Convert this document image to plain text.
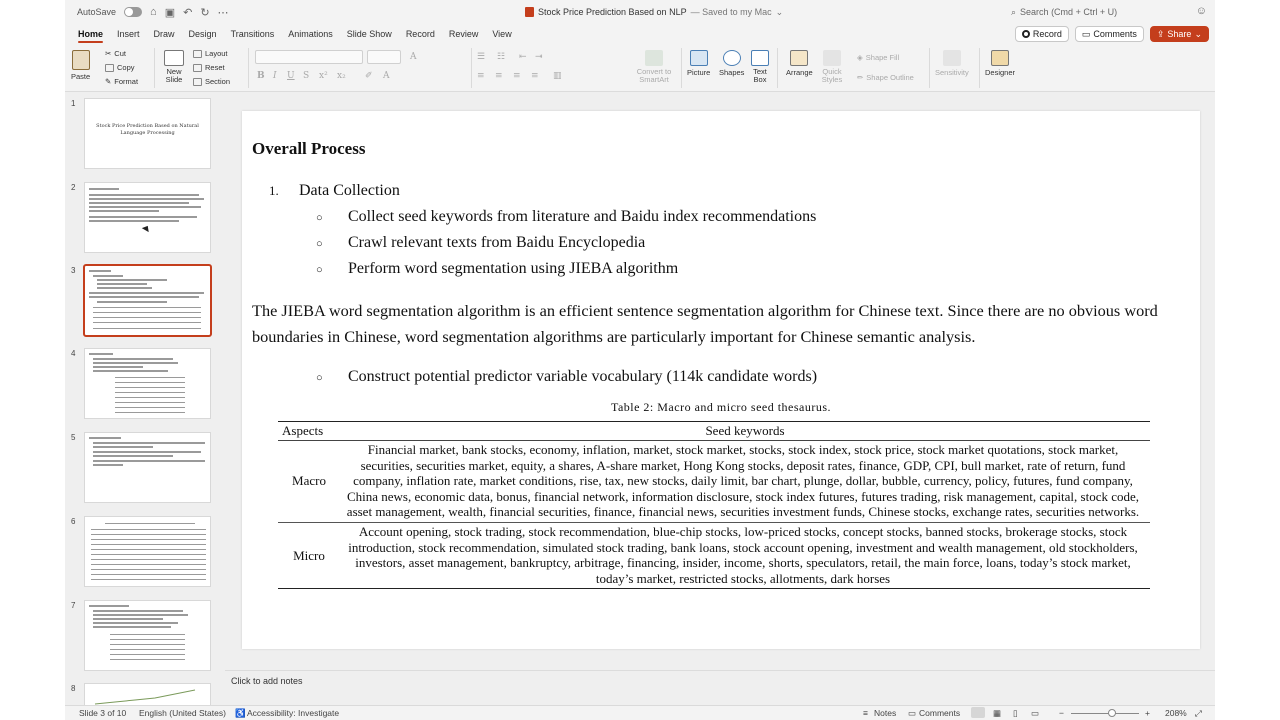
AutoSave	⌂ ▣ ↶ ↻ ⋯	Stock Price Prediction Based on NLP — Saved to my Mac ⌄	⌕ Search (Cmd + Ctrl + U)	☺
Home	Insert	Draw	Design	Transitions	Animations	Slide Show	Record	Review	View	Record ▭ Comments ⇪ Share ⌄
Paste
✂ Cut
Copy
✎ Format
New Slide
Layout
Reset
Section
B I U S x² x₂ ✐ A
A	☰ ☷ ⇤ ⇥
≡ ≡ ≡ ≡ ▥	Convert to SmartArt
Picture Shapes Text Box
Arrange Quick Styles
◈ Shape Fill
✏ Shape Outline
Sensitivity Designer
1
Stock Price Prediction Based on Natural Language Processing
2
3
4
5
6
7
8
Overall Process
1. Data Collection
○ Collect seed keywords from literature and Baidu index recommendations
○ Crawl relevant texts from Baidu Encyclopedia
○ Perform word segmentation using JIEBA algorithm
The JIEBA word segmentation algorithm is an efficient sentence segmentation algorithm for Chinese text. Since there are no obvious word boundaries in Chinese, word segmentation algorithms are particularly important for Chinese semantic analysis.
○ Construct potential predictor variable vocabulary (114k candidate words)
Table 2: Macro and micro seed thesaurus.
Aspects	Seed keywords
Macro
Financial market, bank stocks, economy, inflation, market, stock market, stocks, stock index, stock price, stock market quotations, stock market, securities, securities market, equity, a shares, A-share market, Hong Kong stocks, deposit rates, finance, GDP, CPI, bull market, rate of return, fund company, inflation rate, market conditions, rise, tax, new stocks, daily limit, bar chart, plunge, dollar, bubble, currency, policy, futures, fund company, China news, economic data, bonus, financial network, information disclosure, stock index futures, futures trading, risk management, capital, stock code, asset management, wealth, financial securities, finance, financial news, securities investment funds, Chinese stocks, exchange rates, securities networks.
Micro
Account opening, stock trading, stock recommendation, blue-chip stocks, low-priced stocks, concept stocks, banned stocks, brokerage stocks, stock introduction, stock recommendation, simulated stock trading, bank loans, stock account opening, investment and wealth management, old stockholders, investors, asset management, bankruptcy, arbitrage, financing, insider, income, shorts, speculators, retail, the main force, loans, today’s stock market, today’s market, restricted stocks, allotments, dark horses
Click to add notes
Slide 3 of 10 English (United States) ♿ Accessibility: Investigate	≡ Notes ▭ Comments	▦ ▯ ▭ −	+ 208% ⤢
